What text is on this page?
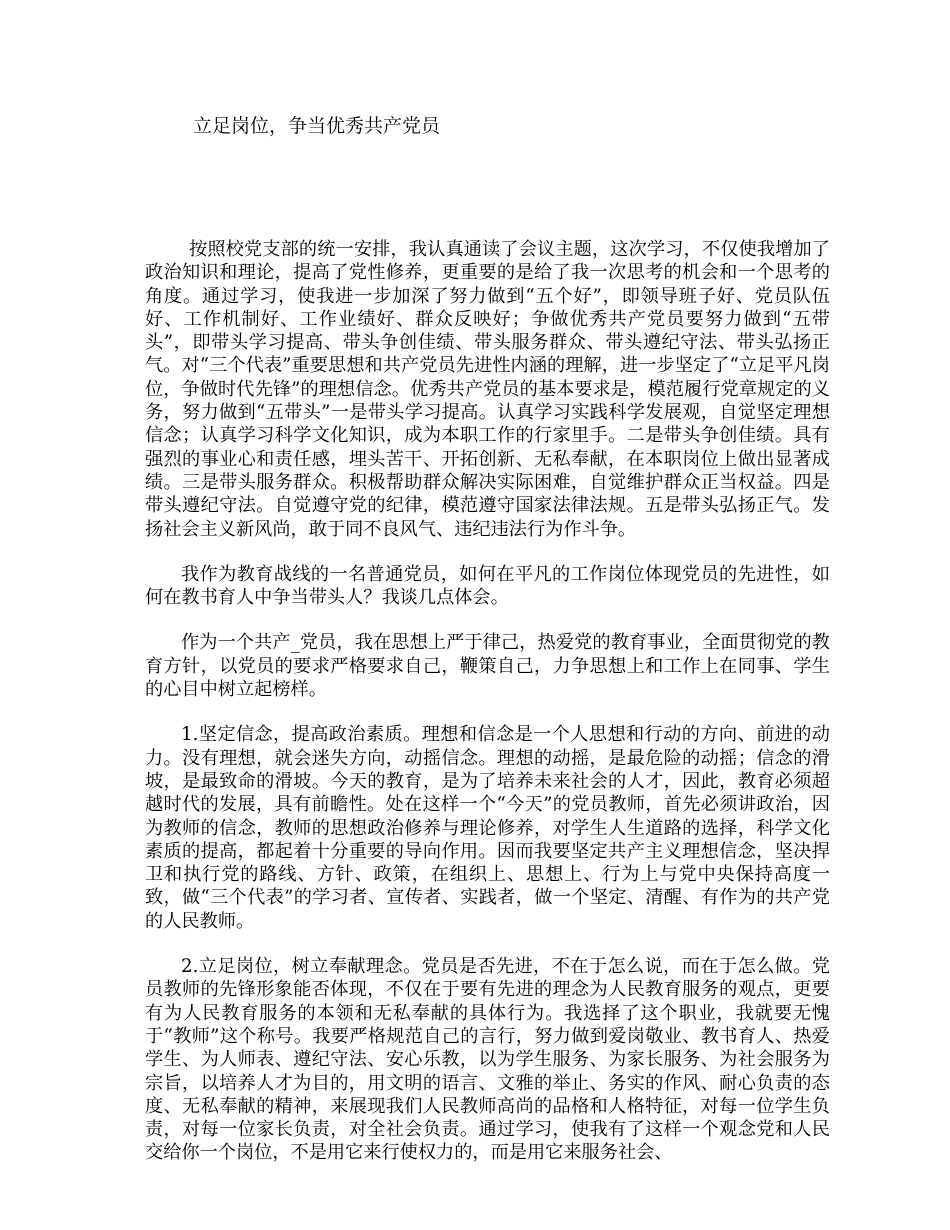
立足岗位，争当优秀共产党员

按照校党支部的统一安排，我认真通读了会议主题，这次学习，不仅使我增加了政治知识和理论，提高了党性修养，更重要的是给了我一次思考的机会和一个思考的角度。通过学习，使我进一步加深了努力做到“五个好”，即领导班子好、党员队伍好、工作机制好、工作业绩好、群众反映好；争做优秀共产党员要努力做到“五带头”，即带头学习提高、带头争创佳绩、带头服务群众、带头遵纪守法、带头弘扬正气。对“三个代表”重要思想和共产党员先进性内涵的理解，进一步坚定了“立足平凡岗位，争做时代先锋”的理想信念。优秀共产党员的基本要求是，模范履行党章规定的义务，努力做到“五带头”一是带头学习提高。认真学习实践科学发展观，自觉坚定理想信念；认真学习科学文化知识，成为本职工作的行家里手。二是带头争创佳绩。具有强烈的事业心和责任感，埋头苦干、开拓创新、无私奉献，在本职岗位上做出显著成绩。三是带头服务群众。积极帮助群众解决实际困难，自觉维护群众正当权益。四是带头遵纪守法。自觉遵守党的纪律，模范遵守国家法律法规。五是带头弘扬正气。发扬社会主义新风尚，敢于同不良风气、违纪违法行为作斗争。

我作为教育战线的一名普通党员，如何在平凡的工作岗位体现党员的先进性，如何在教书育人中争当带头人？我谈几点体会。

作为一个共产_党员，我在思想上严于律己，热爱党的教育事业，全面贯彻党的教育方针，以党员的要求严格要求自己，鞭策自己，力争思想上和工作上在同事、学生的心目中树立起榜样。

1.坚定信念，提高政治素质。理想和信念是一个人思想和行动的方向、前进的动力。没有理想，就会迷失方向，动摇信念。理想的动摇，是最危险的动摇；信念的滑坡，是最致命的滑坡。今天的教育，是为了培养未来社会的人才，因此，教育必须超越时代的发展，具有前瞻性。处在这样一个“今天”的党员教师，首先必须讲政治，因为教师的信念，教师的思想政治修养与理论修养，对学生人生道路的选择，科学文化素质的提高，都起着十分重要的导向作用。因而我要坚定共产主义理想信念，坚决捍卫和执行党的路线、方针、政策，在组织上、思想上、行为上与党中央保持高度一致，做“三个代表”的学习者、宣传者、实践者，做一个坚定、清醒、有作为的共产党的人民教师。

2.立足岗位，树立奉献理念。党员是否先进，不在于怎么说，而在于怎么做。党员教师的先锋形象能否体现，不仅在于要有先进的理念为人民教育服务的观点，更要有为人民教育服务的本领和无私奉献的具体行为。我选择了这个职业，我就要无愧于“教师”这个称号。我要严格规范自己的言行，努力做到爱岗敬业、教书育人、热爱学生、为人师表、遵纪守法、安心乐教，以为学生服务、为家长服务、为社会服务为宗旨，以培养人才为目的，用文明的语言、文雅的举止、务实的作风、耐心负责的态度、无私奉献的精神，来展现我们人民教师高尚的品格和人格特征，对每一位学生负责，对每一位家长负责，对全社会负责。通过学习，使我有了这样一个观念党和人民交给你一个岗位，不是用它来行使权力的，而是用它来服务社会、
